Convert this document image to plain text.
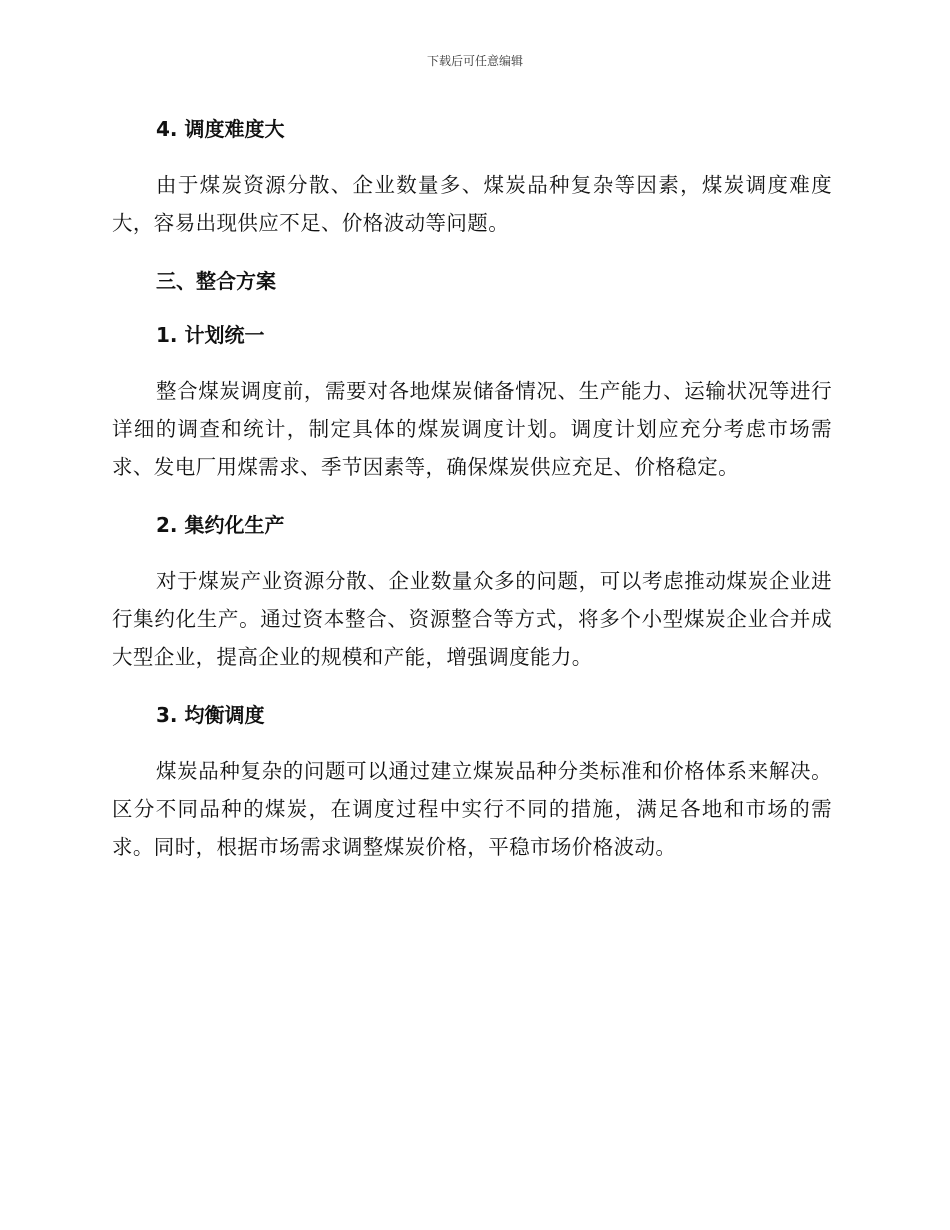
下载后可任意编辑
4. 调度难度大

由于煤炭资源分散、企业数量多、煤炭品种复杂等因素，煤炭调度难度大，容易出现供应不足、价格波动等问题。

三、整合方案
1. 计划统一

整合煤炭调度前，需要对各地煤炭储备情况、生产能力、运输状况等进行详细的调查和统计，制定具体的煤炭调度计划。调度计划应充分考虑市场需求、发电厂用煤需求、季节因素等，确保煤炭供应充足、价格稳定。

2. 集约化生产

对于煤炭产业资源分散、企业数量众多的问题，可以考虑推动煤炭企业进行集约化生产。通过资本整合、资源整合等方式，将多个小型煤炭企业合并成大型企业，提高企业的规模和产能，增强调度能力。

3. 均衡调度

煤炭品种复杂的问题可以通过建立煤炭品种分类标准和价格体系来解决。区分不同品种的煤炭，在调度过程中实行不同的措施，满足各地和市场的需求。同时，根据市场需求调整煤炭价格，平稳市场价格波动。
